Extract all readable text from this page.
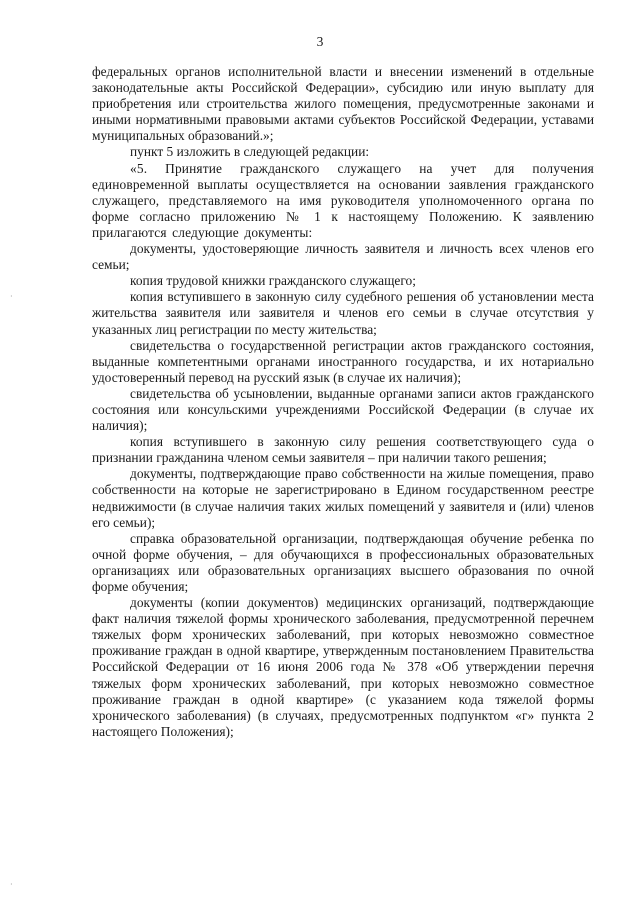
3

федеральных органов исполнительной власти и внесении изменений в отдельные законодательные акты Российской Федерации», субсидию или иную выплату для приобретения или строительства жилого помещения, предусмотренные законами и иными нормативными правовыми актами субъектов Российской Федерации, уставами муниципальных образований.»;

пункт 5 изложить в следующей редакции:

«5. Принятие гражданского служащего на учет для получения единовременной выплаты осуществляется на основании заявления гражданского служащего, представляемого на имя руководителя уполномоченного органа по форме согласно приложению № 1 к настоящему Положению. К заявлению прилагаются следующие документы:

документы, удостоверяющие личность заявителя и личность всех членов его семьи;

копия трудовой книжки гражданского служащего;

копия вступившего в законную силу судебного решения об установлении места жительства заявителя или заявителя и членов его семьи в случае отсутствия у указанных лиц регистрации по месту жительства;

свидетельства о государственной регистрации актов гражданского состояния, выданные компетентными органами иностранного государства, и их нотариально удостоверенный перевод на русский язык (в случае их наличия);

свидетельства об усыновлении, выданные органами записи актов гражданского состояния или консульскими учреждениями Российской Федерации (в случае их наличия);

копия вступившего в законную силу решения соответствующего суда о признании гражданина членом семьи заявителя – при наличии такого решения;

документы, подтверждающие право собственности на жилые помещения, право собственности на которые не зарегистрировано в Едином государственном реестре недвижимости (в случае наличия таких жилых помещений у заявителя и (или) членов его семьи);

справка образовательной организации, подтверждающая обучение ребенка по очной форме обучения, – для обучающихся в профессиональных образовательных организациях или образовательных организациях высшего образования по очной форме обучения;

документы (копии документов) медицинских организаций, подтверждающие факт наличия тяжелой формы хронического заболевания, предусмотренной перечнем тяжелых форм хронических заболеваний, при которых невозможно совместное проживание граждан в одной квартире, утвержденным постановлением Правительства Российской Федерации от 16 июня 2006 года № 378 «Об утверждении перечня тяжелых форм хронических заболеваний, при которых невозможно совместное проживание граждан в одной квартире» (с указанием кода тяжелой формы хронического заболевания) (в случаях, предусмотренных подпунктом «г» пункта 2 настоящего Положения);

·
·
